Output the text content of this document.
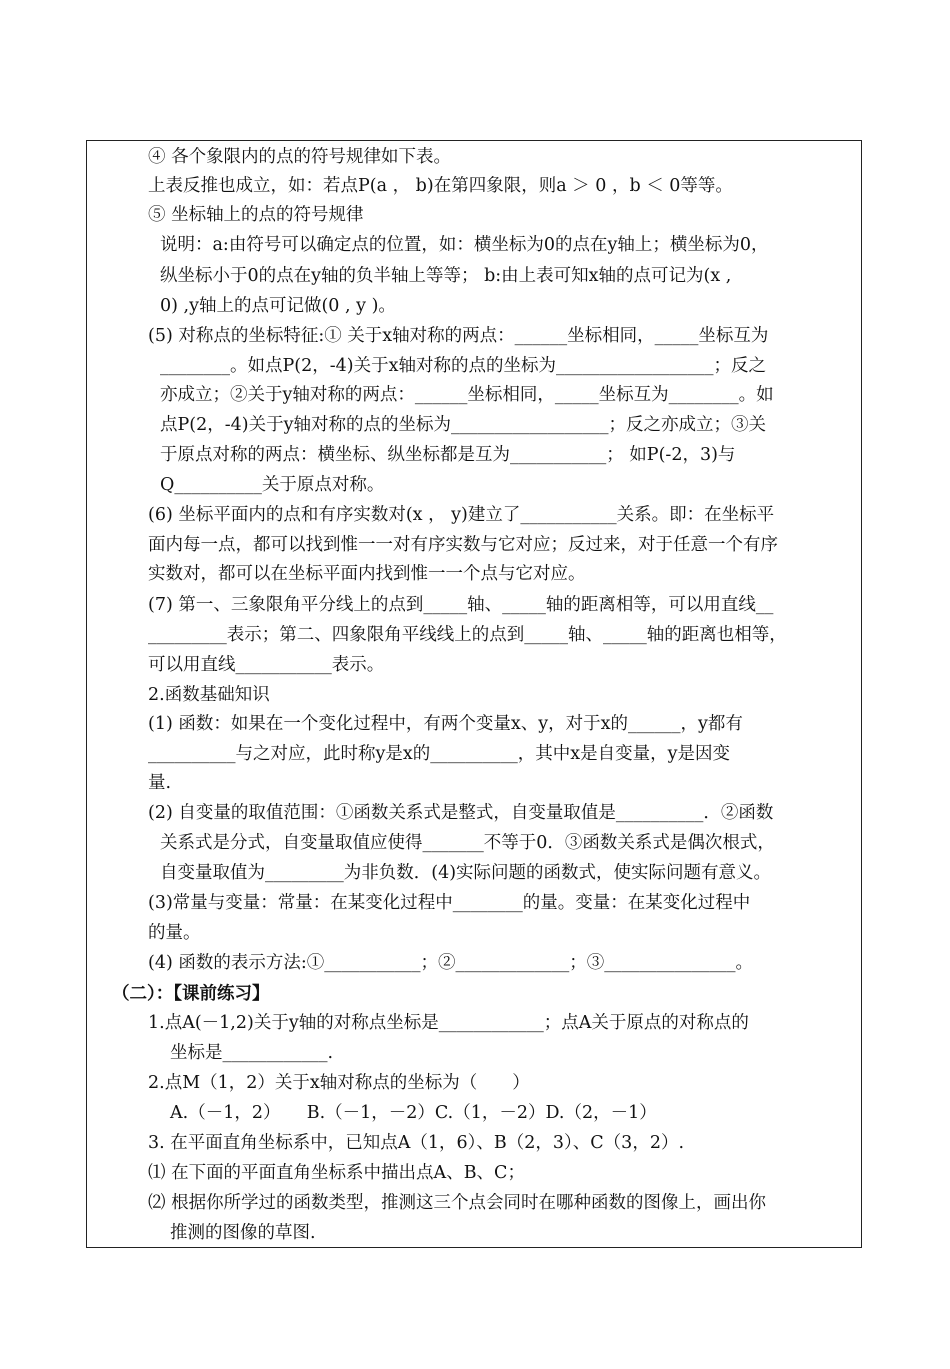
④ 各个象限内的点的符号规律如下表。

上表反推也成立，如：若点P(a ， b)在第四象限，则a ＞ 0 ，b ＜ 0等等。

⑤ 坐标轴上的点的符号规律

说明：a:由符号可以确定点的位置，如：横坐标为0的点在y轴上；横坐标为0，

纵坐标小于0的点在y轴的负半轴上等等； b:由上表可知x轴的点可记为(x ,

0) ,y轴上的点可记做(0 , y )。

(5) 对称点的坐标特征:① 关于x轴对称的两点：______坐标相同，_____坐标互为

________。如点P(2，-4)关于x轴对称的点的坐标为__________________；反之

亦成立；②关于y轴对称的两点：______坐标相同，_____坐标互为________。如

点P(2，-4)关于y轴对称的点的坐标为__________________；反之亦成立；③关

于原点对称的两点：横坐标、纵坐标都是互为___________； 如P(-2，3)与

Q__________关于原点对称。

(6) 坐标平面内的点和有序实数对(x ， y)建立了___________关系。即：在坐标平

面内每一点，都可以找到惟一一对有序实数与它对应；反过来，对于任意一个有序

实数对，都可以在坐标平面内找到惟一一个点与它对应。

(7) 第一、三象限角平分线上的点到_____轴、_____轴的距离相等，可以用直线__

_________表示；第二、四象限角平线线上的点到_____轴、_____轴的距离也相等，

可以用直线___________表示。

2.函数基础知识

(1) 函数：如果在一个变化过程中，有两个变量x、y，对于x的______，y都有

__________与之对应，此时称y是x的__________，其中x是自变量，y是因变

量.

(2) 自变量的取值范围：①函数关系式是整式，自变量取值是__________．②函数

关系式是分式，自变量取值应使得_______不等于0．③函数关系式是偶次根式，

自变量取值为_________为非负数．(4)实际问题的函数式，使实际问题有意义。

(3)常量与变量：常量：在某变化过程中________的量。变量：在某变化过程中

的量。

(4) 函数的表示方法:①___________；②_____________；③_______________。

（二）：【课前练习】

1.点A(－1,2)关于y轴的对称点坐标是____________；点A关于原点的对称点的

坐标是____________.

2.点M（1，2）关于x轴对称点的坐标为（　　）

A.（－1，2）　　B.（－1，－2）C.（1，－2）D.（2，－1）

3. 在平面直角坐标系中，已知点A（1，6）、B（2，3）、C（3，2）.

⑴ 在下面的平面直角坐标系中描出点A、B、C；

⑵ 根据你所学过的函数类型，推测这三个点会同时在哪种函数的图像上，画出你

推测的图像的草图.
